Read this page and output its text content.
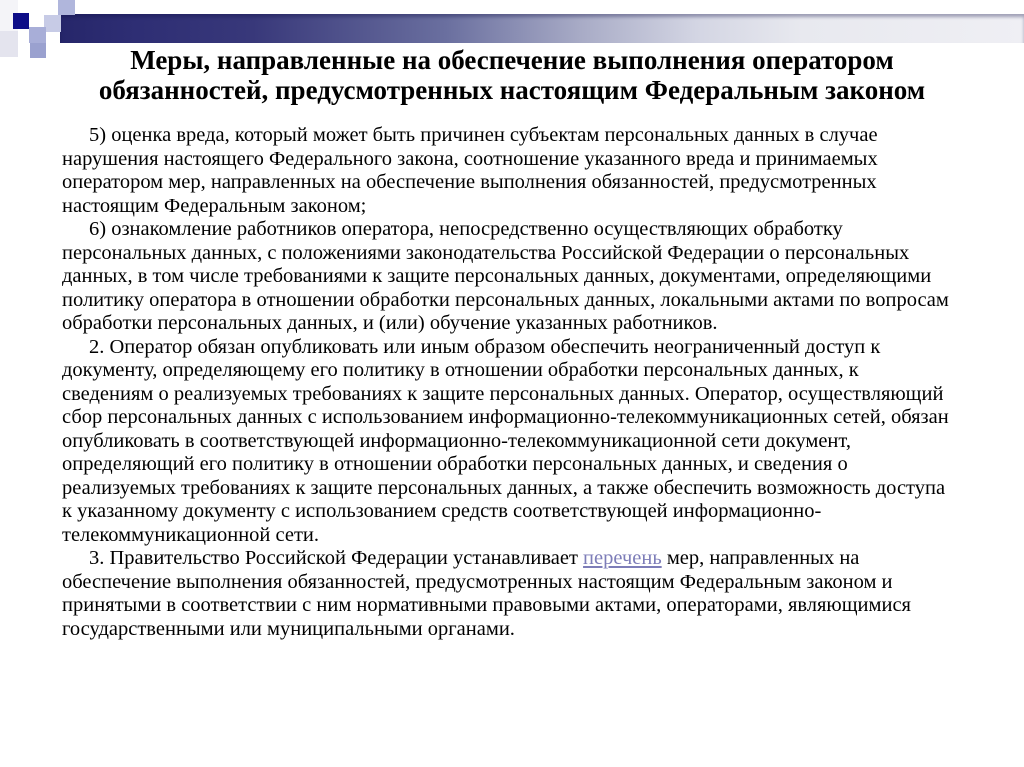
Меры, направленные на обеспечение выполнения оператором обязанностей, предусмотренных настоящим Федеральным законом

5) оценка вреда, который может быть причинен субъектам персональных данных в случае нарушения настоящего Федерального закона, соотношение указанного вреда и принимаемых оператором мер, направленных на обеспечение выполнения обязанностей, предусмотренных настоящим Федеральным законом;

6) ознакомление работников оператора, непосредственно осуществляющих обработку персональных данных, с положениями законодательства Российской Федерации о персональных данных, в том числе требованиями к защите персональных данных, документами, определяющими политику оператора в отношении обработки персональных данных, локальными актами по вопросам обработки персональных данных, и (или) обучение указанных работников.

2. Оператор обязан опубликовать или иным образом обеспечить неограниченный доступ к документу, определяющему его политику в отношении обработки персональных данных, к сведениям о реализуемых требованиях к защите персональных данных. Оператор, осуществляющий сбор персональных данных с использованием информационно-телекоммуникационных сетей, обязан опубликовать в соответствующей информационно-телекоммуникационной сети документ, определяющий его политику в отношении обработки персональных данных, и сведения о реализуемых требованиях к защите персональных данных, а также обеспечить возможность доступа к указанному документу с использованием средств соответствующей информационно-телекоммуникационной сети.

3. Правительство Российской Федерации устанавливает перечень мер, направленных на обеспечение выполнения обязанностей, предусмотренных настоящим Федеральным законом и принятыми в соответствии с ним нормативными правовыми актами, операторами, являющимися государственными или муниципальными органами.
